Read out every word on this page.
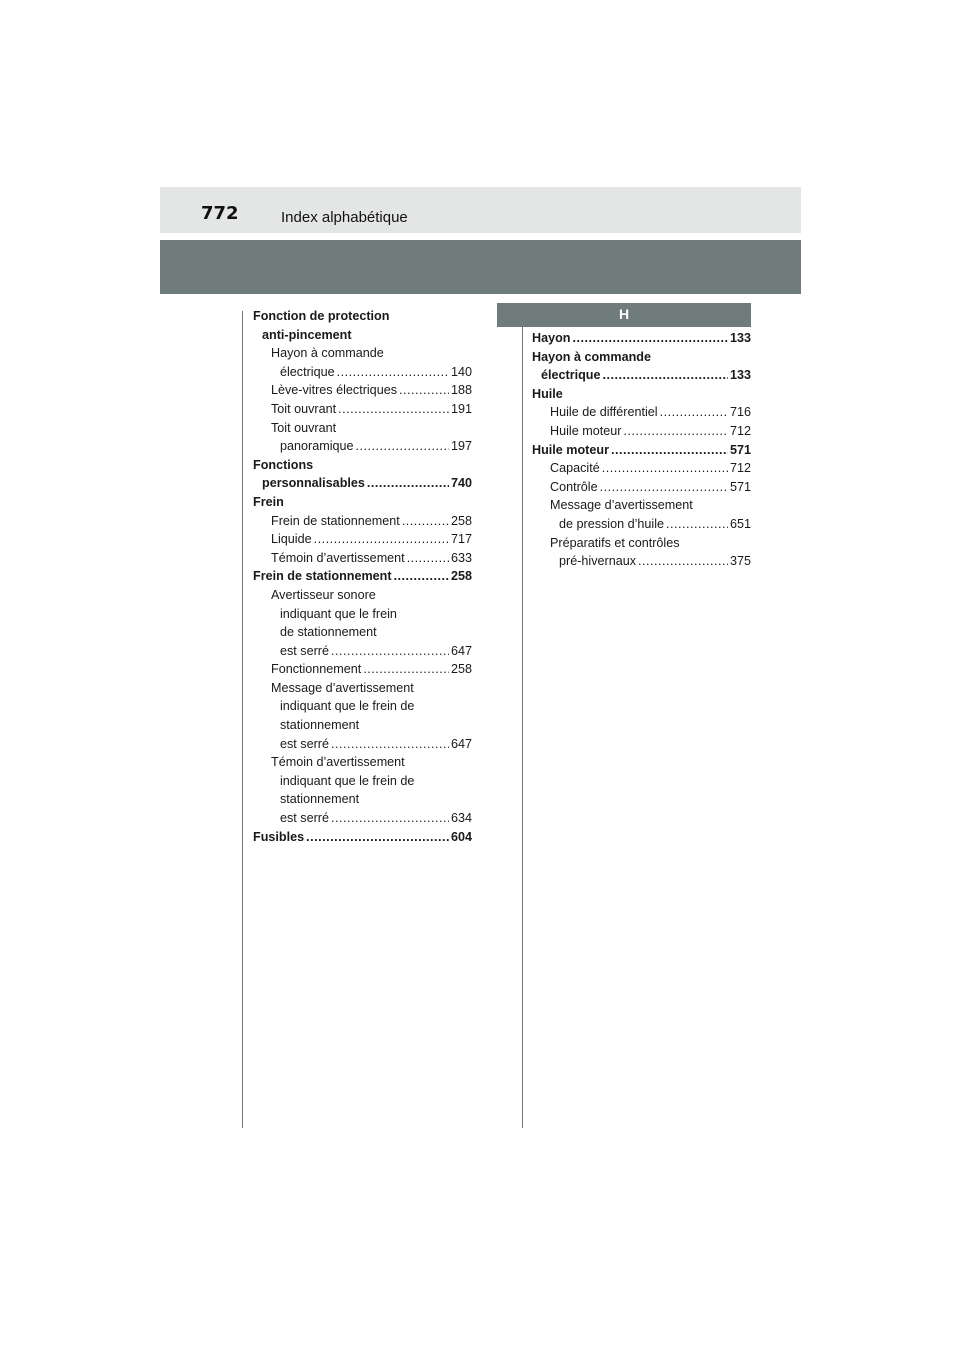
772	Index alphabétique
H
Fonction de protection
anti-pincement
Hayon à commande
électrique .....	140
Lève-vitres électriques .....	188
Toit ouvrant .....	191
Toit ouvrant
panoramique .....	197
Fonctions
personnalisables .....	740
Frein
Frein de stationnement .....	258
Liquide .....	717
Témoin d’avertissement .....	633
Frein de stationnement .....	258
Avertisseur sonore
indiquant que le frein
de stationnement
est serré .....	647
Fonctionnement .....	258
Message d’avertissement
indiquant que le frein de
stationnement
est serré .....	647
Témoin d’avertissement
indiquant que le frein de
stationnement
est serré .....	634
Fusibles .....	604
Hayon .....	133
Hayon à commande
électrique .....	133
Huile
Huile de différentiel .....	716
Huile moteur .....	712
Huile moteur .....	571
Capacité .....	712
Contrôle .....	571
Message d’avertissement
de pression d’huile .....	651
Préparatifs et contrôles
pré-hivernaux .....	375
